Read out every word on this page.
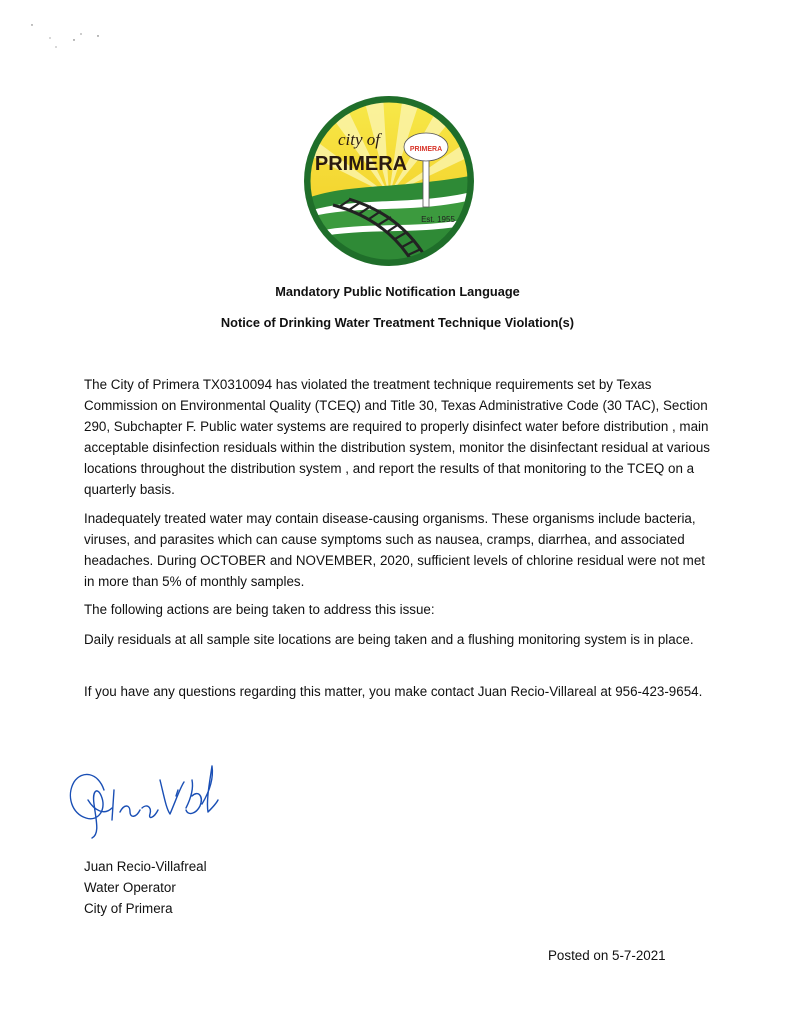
city of
PRIMERA
PRIMERA
Est. 1955
Mandatory Public Notification Language
Notice of Drinking Water Treatment Technique Violation(s)
The City of Primera TX0310094 has violated the treatment technique requirements set by Texas Commission on Environmental Quality (TCEQ) and Title 30, Texas Administrative Code (30 TAC), Section 290, Subchapter F. Public water systems are required to properly disinfect water before distribution , main acceptable disinfection residuals within the distribution system, monitor the disinfectant residual at various locations throughout the distribution system , and report the results of that monitoring to the TCEQ on a quarterly basis.
Inadequately treated water may contain disease-causing organisms. These organisms include bacteria, viruses, and parasites which can cause symptoms such as nausea, cramps, diarrhea, and associated headaches. During OCTOBER and NOVEMBER, 2020, sufficient levels of chlorine residual were not met in more than 5% of monthly samples.
The following actions are being taken to address this issue:
Daily residuals at all sample site locations are being taken and a flushing monitoring system is in place.
If you have any questions regarding this matter, you make contact Juan Recio-Villareal at 956-423-9654.
Juan Recio-Villafreal
Water Operator
City of Primera
Posted on 5-7-2021
